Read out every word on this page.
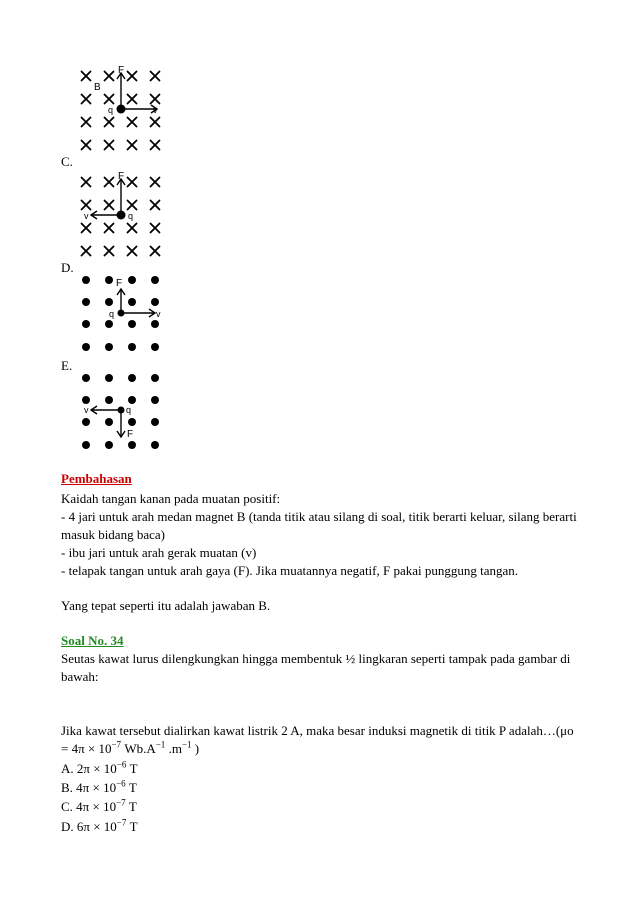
B
F
q	v
C.
F
v	q
D.
F
q	v
E.
v	q
F
Pembahasan
Kaidah tangan kanan pada muatan positif:
- 4 jari untuk arah medan magnet B (tanda titik atau silang di soal, titik berarti keluar, silang berarti masuk bidang baca)
- ibu jari untuk arah gerak muatan (v)
- telapak tangan untuk arah gaya (F). Jika muatannya negatif, F pakai punggung tangan.
Yang tepat seperti itu adalah jawaban B.
Soal No. 34
Seutas kawat lurus dilengkungkan hingga membentuk ½ lingkaran seperti tampak pada gambar di bawah:
Jika kawat tersebut dialirkan kawat listrik 2 A, maka besar induksi magnetik di titik P adalah…(μo
= $4\pi \times 10^{-7}$ $Wb.A^{-1}$ $.m^{-1}$ )
A. $2\pi \times 10^{-6}$ T
B. $4\pi \times 10^{-6}$ T
C. $4\pi \times 10^{-7}$ T
D. $6\pi \times 10^{-7}$ T
